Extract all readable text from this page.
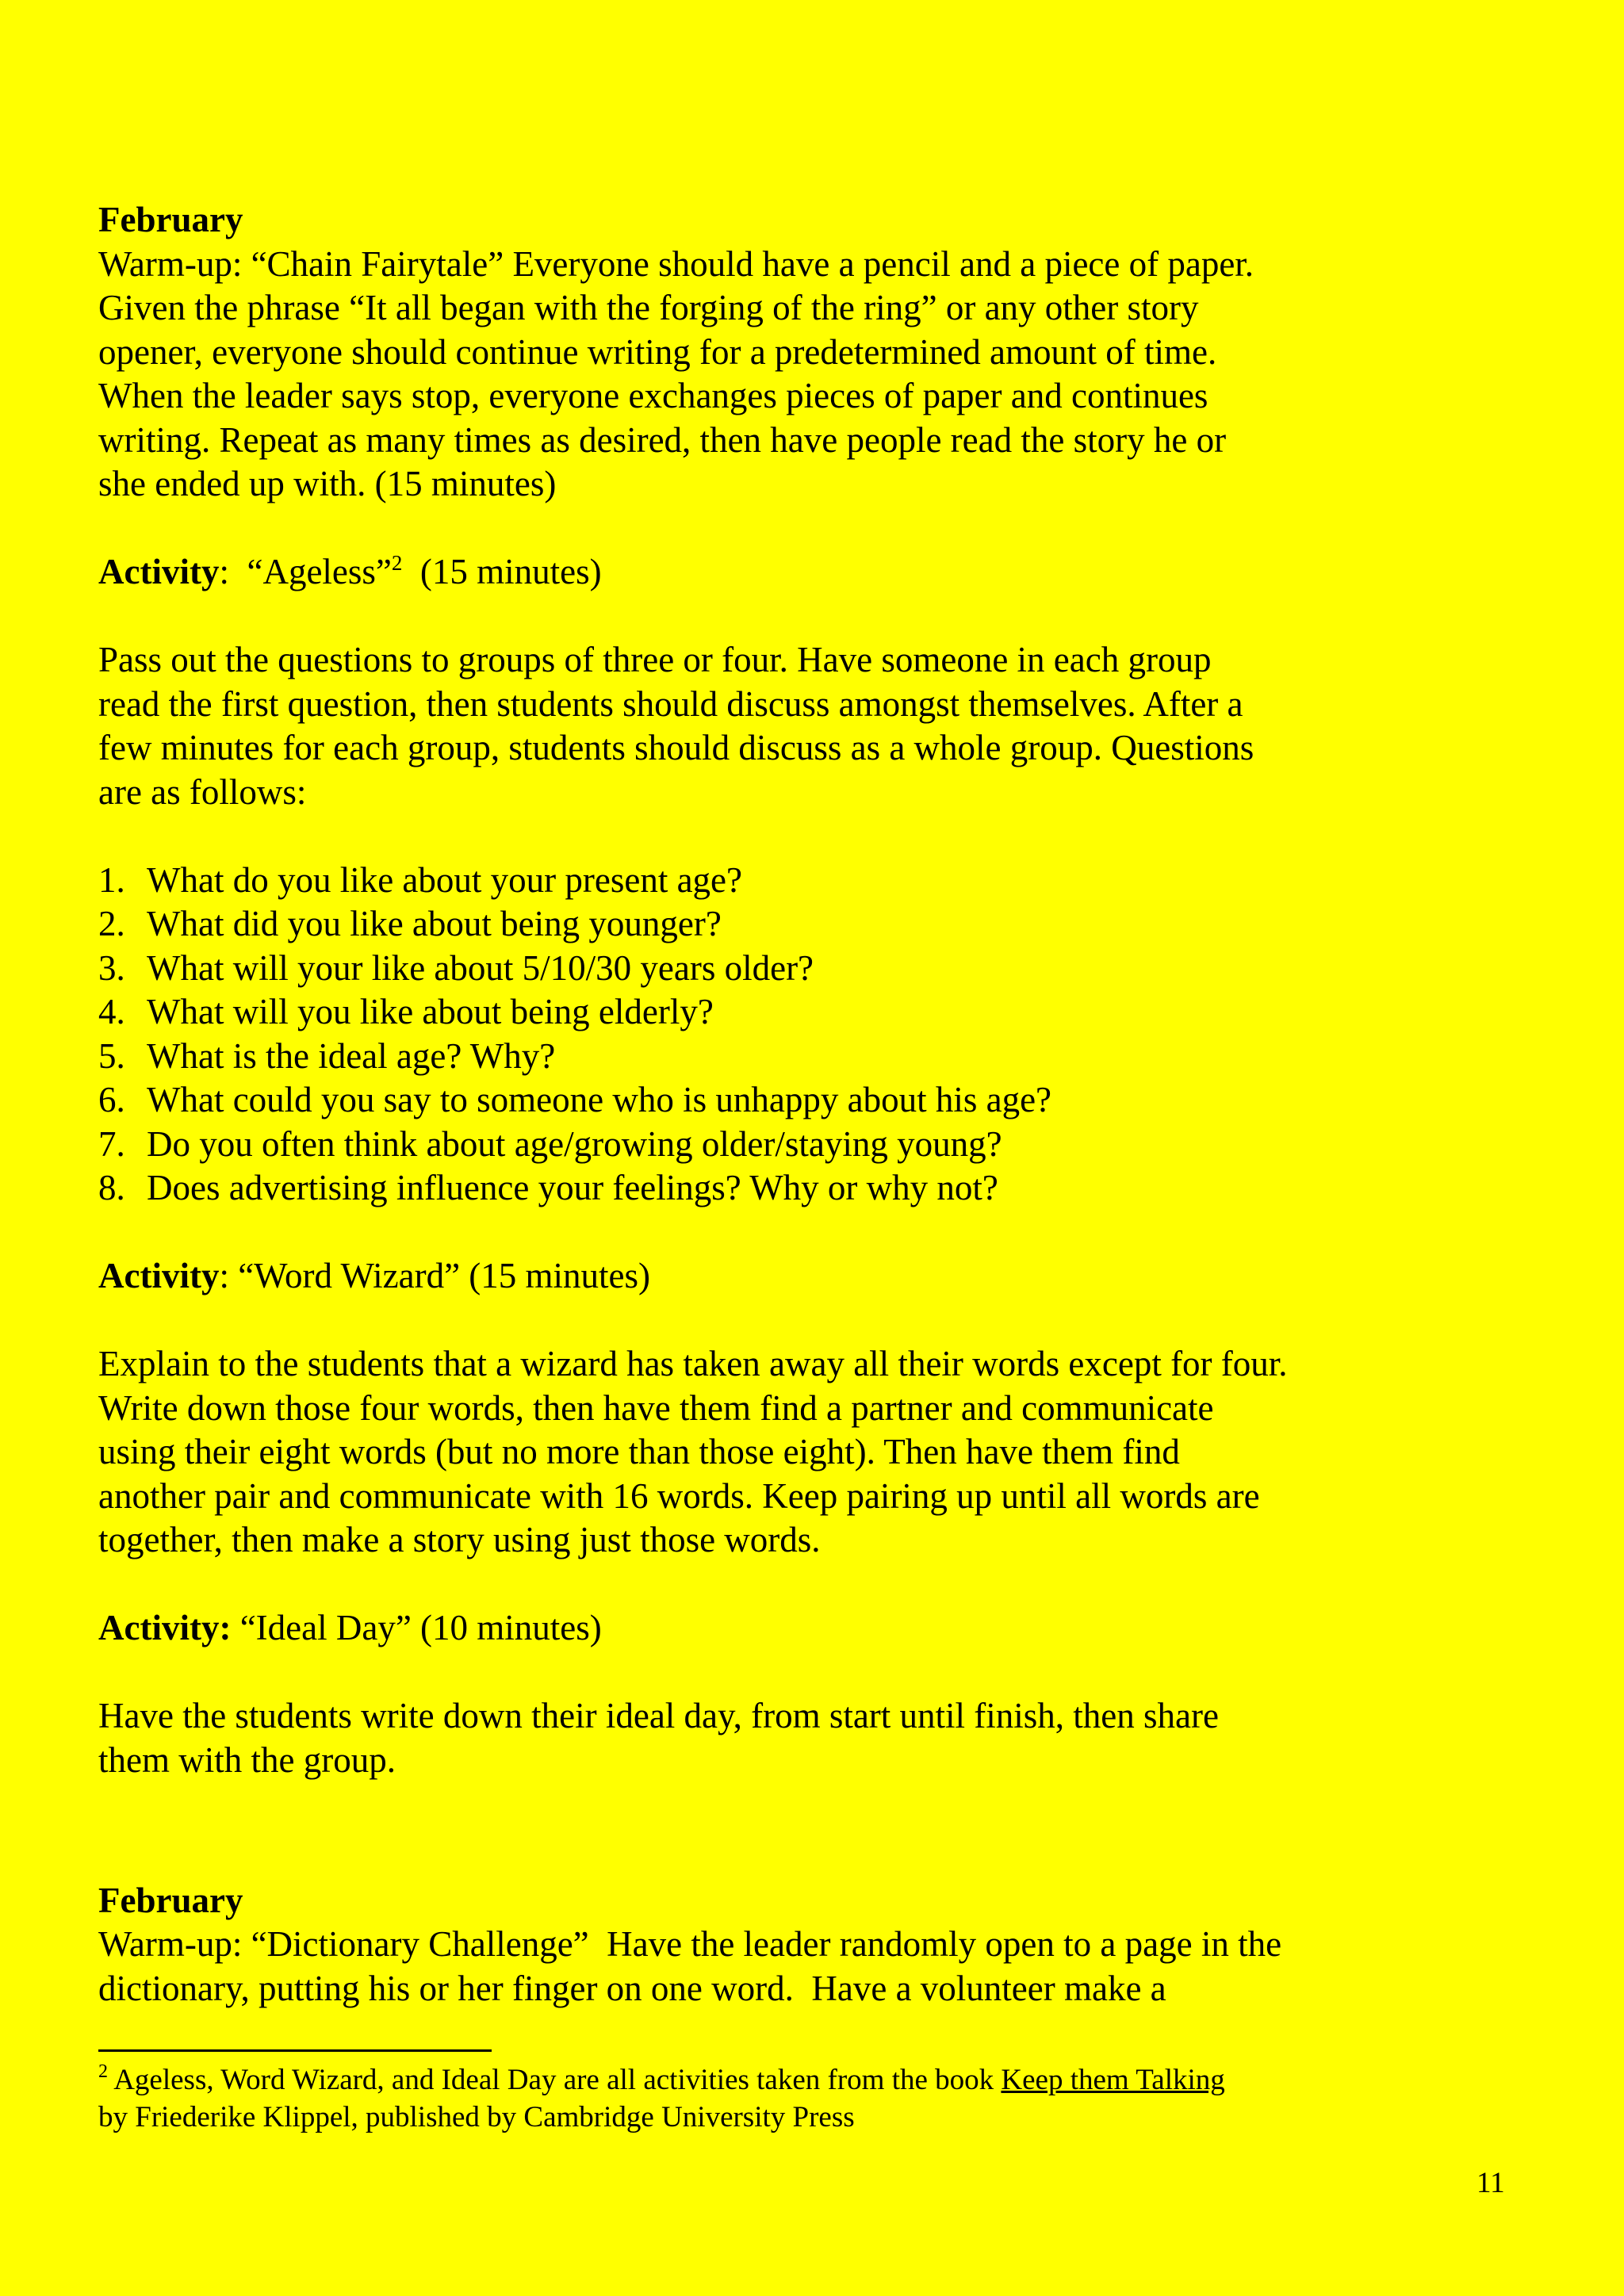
February
Warm-up: “Chain Fairytale” Everyone should have a pencil and a piece of paper.
Given the phrase “It all began with the forging of the ring” or any other story
opener, everyone should continue writing for a predetermined amount of time.
When the leader says stop, everyone exchanges pieces of paper and continues
writing. Repeat as many times as desired, then have people read the story he or
she ended up with. (15 minutes)
Activity:  “Ageless”$^2$  (15 minutes)
Pass out the questions to groups of three or four. Have someone in each group
read the first question, then students should discuss amongst themselves. After a
few minutes for each group, students should discuss as a whole group. Questions
are as follows:
1. What do you like about your present age?
2. What did you like about being younger?
3. What will your like about 5/10/30 years older?
4. What will you like about being elderly?
5. What is the ideal age? Why?
6. What could you say to someone who is unhappy about his age?
7. Do you often think about age/growing older/staying young?
8. Does advertising influence your feelings? Why or why not?
Activity: “Word Wizard” (15 minutes)
Explain to the students that a wizard has taken away all their words except for four.
Write down those four words, then have them find a partner and communicate
using their eight words (but no more than those eight). Then have them find
another pair and communicate with 16 words. Keep pairing up until all words are
together, then make a story using just those words.
Activity: “Ideal Day” (10 minutes)
Have the students write down their ideal day, from start until finish, then share
them with the group.
February
Warm-up: “Dictionary Challenge”  Have the leader randomly open to a page in the
dictionary, putting his or her finger on one word.  Have a volunteer make a
$^2$ Ageless, Word Wizard, and Ideal Day are all activities taken from the book Keep them Talking
by Friederike Klippel, published by Cambridge University Press
11
